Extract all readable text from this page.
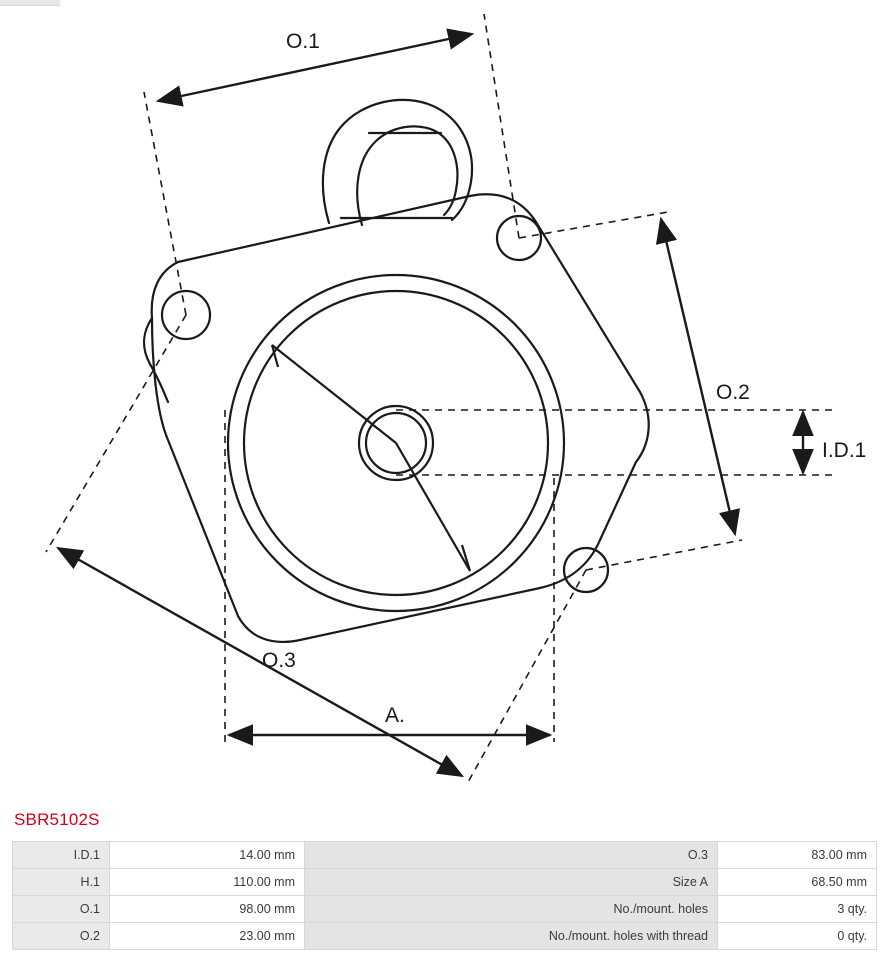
O.1
O.2
O.3
A.
I.D.1
SBR5102S
I.D.1	14.00 mm	O.3	83.00 mm
H.1	110.00 mm	Size A	68.50 mm
O.1	98.00 mm	No./mount. holes	3 qty.
O.2	23.00 mm	No./mount. holes with thread	0 qty.
